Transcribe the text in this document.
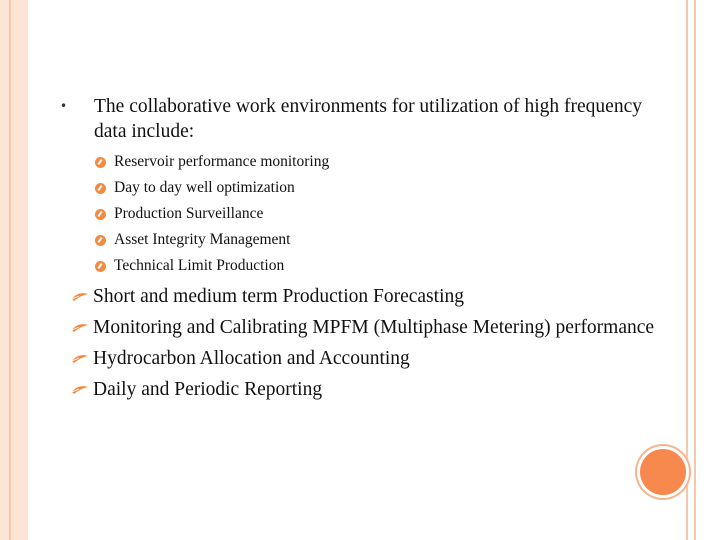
• The collaborative work environments for utilization of high frequency data include:
Reservoir performance monitoring
Day to day well optimization
Production Surveillance
Asset Integrity Management
Technical Limit Production
Short and medium term Production Forecasting
Monitoring and Calibrating MPFM (Multiphase Metering) performance
Hydrocarbon Allocation and Accounting
Daily and Periodic Reporting
